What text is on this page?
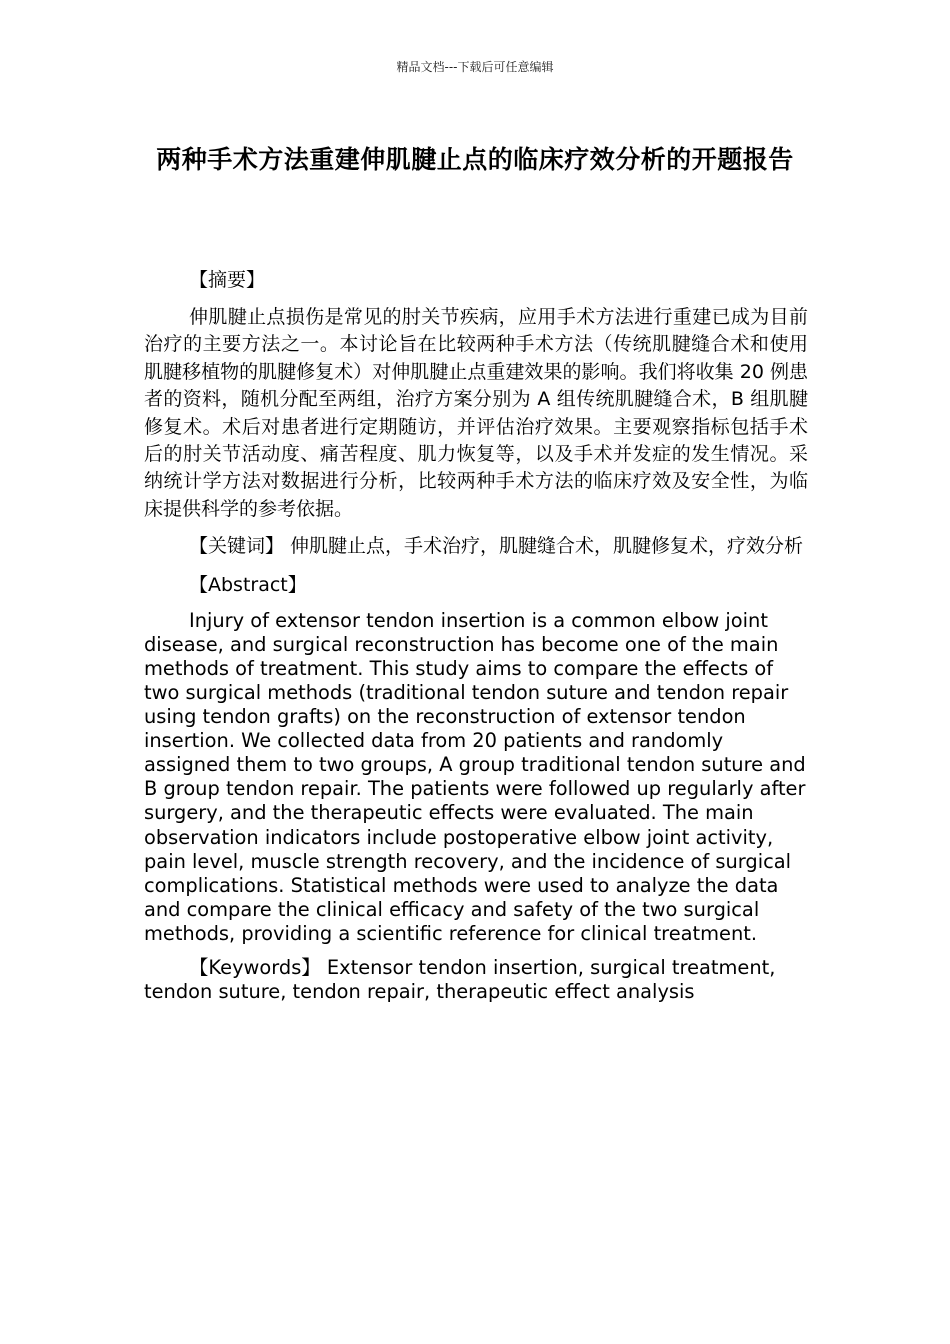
精品文档---下载后可任意编辑
两种手术方法重建伸肌腱止点的临床疗效分析的开题报告
【摘要】

伸肌腱止点损伤是常见的肘关节疾病，应用手术方法进行重建已成为目前治疗的主要方法之一。本讨论旨在比较两种手术方法（传统肌腱缝合术和使用肌腱移植物的肌腱修复术）对伸肌腱止点重建效果的影响。我们将收集 20 例患者的资料，随机分配至两组，治疗方案分别为 A 组传统肌腱缝合术，B 组肌腱修复术。术后对患者进行定期随访，并评估治疗效果。主要观察指标包括手术后的肘关节活动度、痛苦程度、肌力恢复等，以及手术并发症的发生情况。采纳统计学方法对数据进行分析，比较两种手术方法的临床疗效及安全性，为临床提供科学的参考依据。

【关键词】 伸肌腱止点，手术治疗，肌腱缝合术，肌腱修复术，疗效分析

【Abstract】

Injury of extensor tendon insertion is a common elbow joint disease, and surgical reconstruction has become one of the main methods of treatment. This study aims to compare the effects of two surgical methods (traditional tendon suture and tendon repair using tendon grafts) on the reconstruction of extensor tendon insertion. We collected data from 20 patients and randomly assigned them to two groups, A group traditional tendon suture and B group tendon repair. The patients were followed up regularly after surgery, and the therapeutic effects were evaluated. The main observation indicators include postoperative elbow joint activity, pain level, muscle strength recovery, and the incidence of surgical complications. Statistical methods were used to analyze the data and compare the clinical efficacy and safety of the two surgical methods, providing a scientific reference for clinical treatment.

【Keywords】 Extensor tendon insertion, surgical treatment, tendon suture, tendon repair, therapeutic effect analysis
